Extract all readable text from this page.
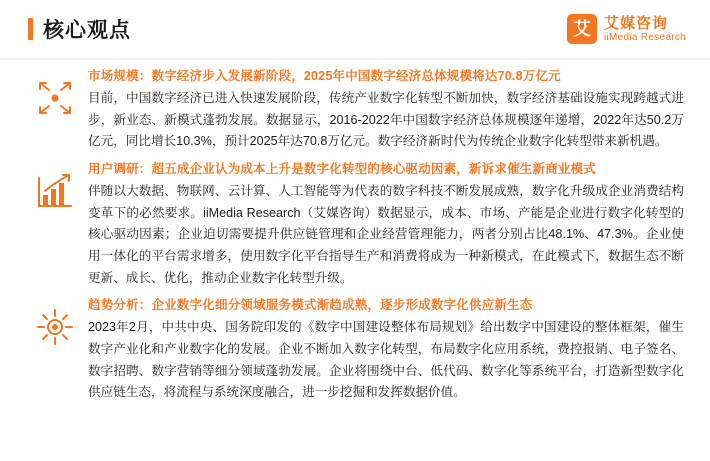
核心观点	艾 艾媒咨询
iiMedia Research
市场规模：数字经济步入发展新阶段，2025年中国数字经济总体规模将达70.8万亿元
目前，中国数字经济已进入快速发展阶段，传统产业数字化转型不断加快，数字经济基础设施实现跨越式进步，新业态、新模式蓬勃发展。数据显示，2016-2022年中国数字经济总体规模逐年递增，2022年达50.2万亿元，同比增长10.3%，预计2025年达70.8万亿元。数字经济新时代为传统企业数字化转型带来新机遇。
用户调研：超五成企业认为成本上升是数字化转型的核心驱动因素，新诉求催生新商业模式
伴随以大数据、物联网、云计算、人工智能等为代表的数字科技不断发展成熟，数字化升级成企业消费结构变革下的必然要求。iiMedia Research（艾媒咨询）数据显示，成本、市场、产能是企业进行数字化转型的核心驱动因素；企业迫切需要提升供应链管理和企业经营管理能力，两者分别占比48.1%、47.3%。企业使用一体化的平台需求增多，使用数字化平台指导生产和消费将成为一种新模式，在此模式下，数据生态不断更新、成长、优化，推动企业数字化转型升级。
趋势分析：企业数字化细分领域服务模式渐趋成熟，逐步形成数字化供应新生态
2023年2月，中共中央、国务院印发的《数字中国建设整体布局规划》给出数字中国建设的整体框架，催生数字产业化和产业数字化的发展。企业不断加入数字化转型，布局数字化应用系统，费控报销、电子签名、数字招聘、数字营销等细分领域蓬勃发展。企业将围绕中台、低代码、数字化等系统平台，打造新型数字化供应链生态，将流程与系统深度融合，进一步挖掘和发挥数据价值。
